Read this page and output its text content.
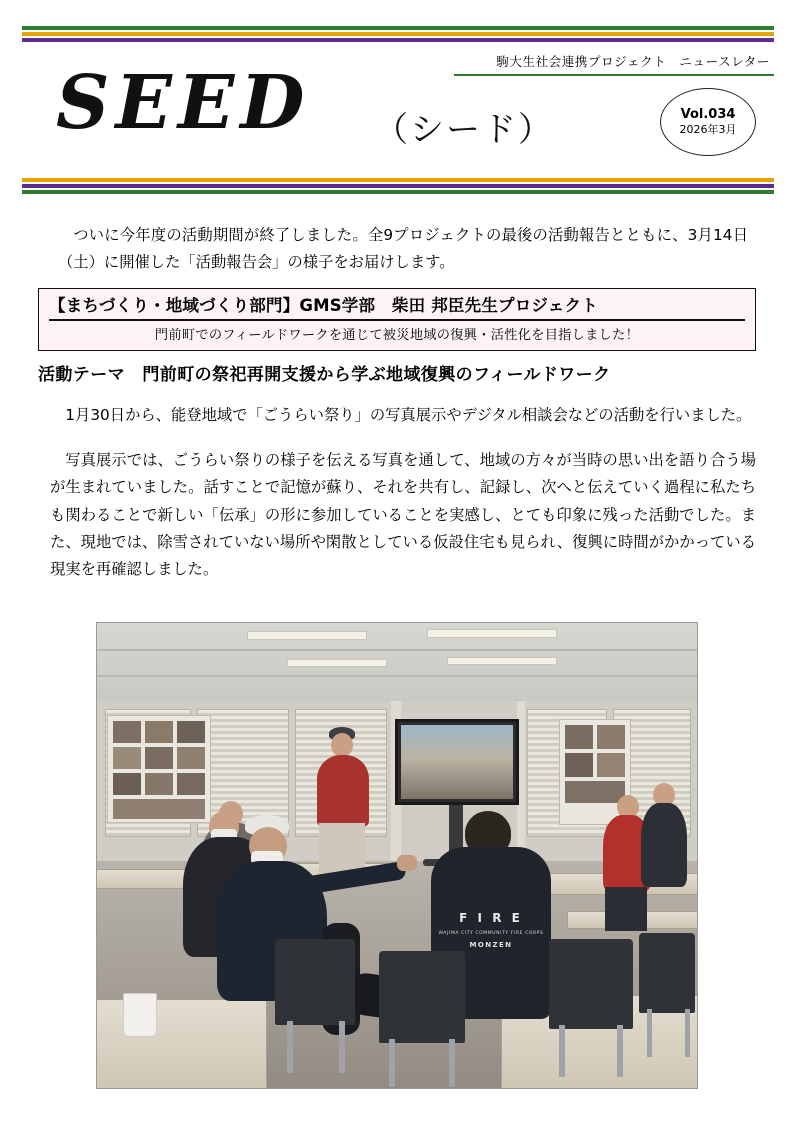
駒大生社会連携プロジェクト　ニュースレター
SEED （シード）	Vol.034
2026年3月

ついに今年度の活動期間が終了しました。全9プロジェクトの最後の活動報告とともに、3月14日（土）に開催した「活動報告会」の様子をお届けします。

【まちづくり・地域づくり部門】GMS学部　柴田 邦臣先生プロジェクト
門前町でのフィールドワークを通じて被災地域の復興・活性化を目指しました！
活動テーマ　門前町の祭祀再開支援から学ぶ地域復興のフィールドワーク

1月30日から、能登地域で「ごうらい祭り」の写真展示やデジタル相談会などの活動を行いました。

写真展示では、ごうらい祭りの様子を伝える写真を通して、地域の方々が当時の思い出を語り合う場が生まれていました。話すことで記憶が蘇り、それを共有し、記録し、次へと伝えていく過程に私たちも関わることで新しい「伝承」の形に参加していることを実感し、とても印象に残った活動でした。また、現地では、除雪されていない場所や閑散としている仮設住宅も見られ、復興に時間がかかっている現実を再確認しました。

F I R E
WAJIMA CITY COMMUNITY FIRE CORPS
MONZEN
